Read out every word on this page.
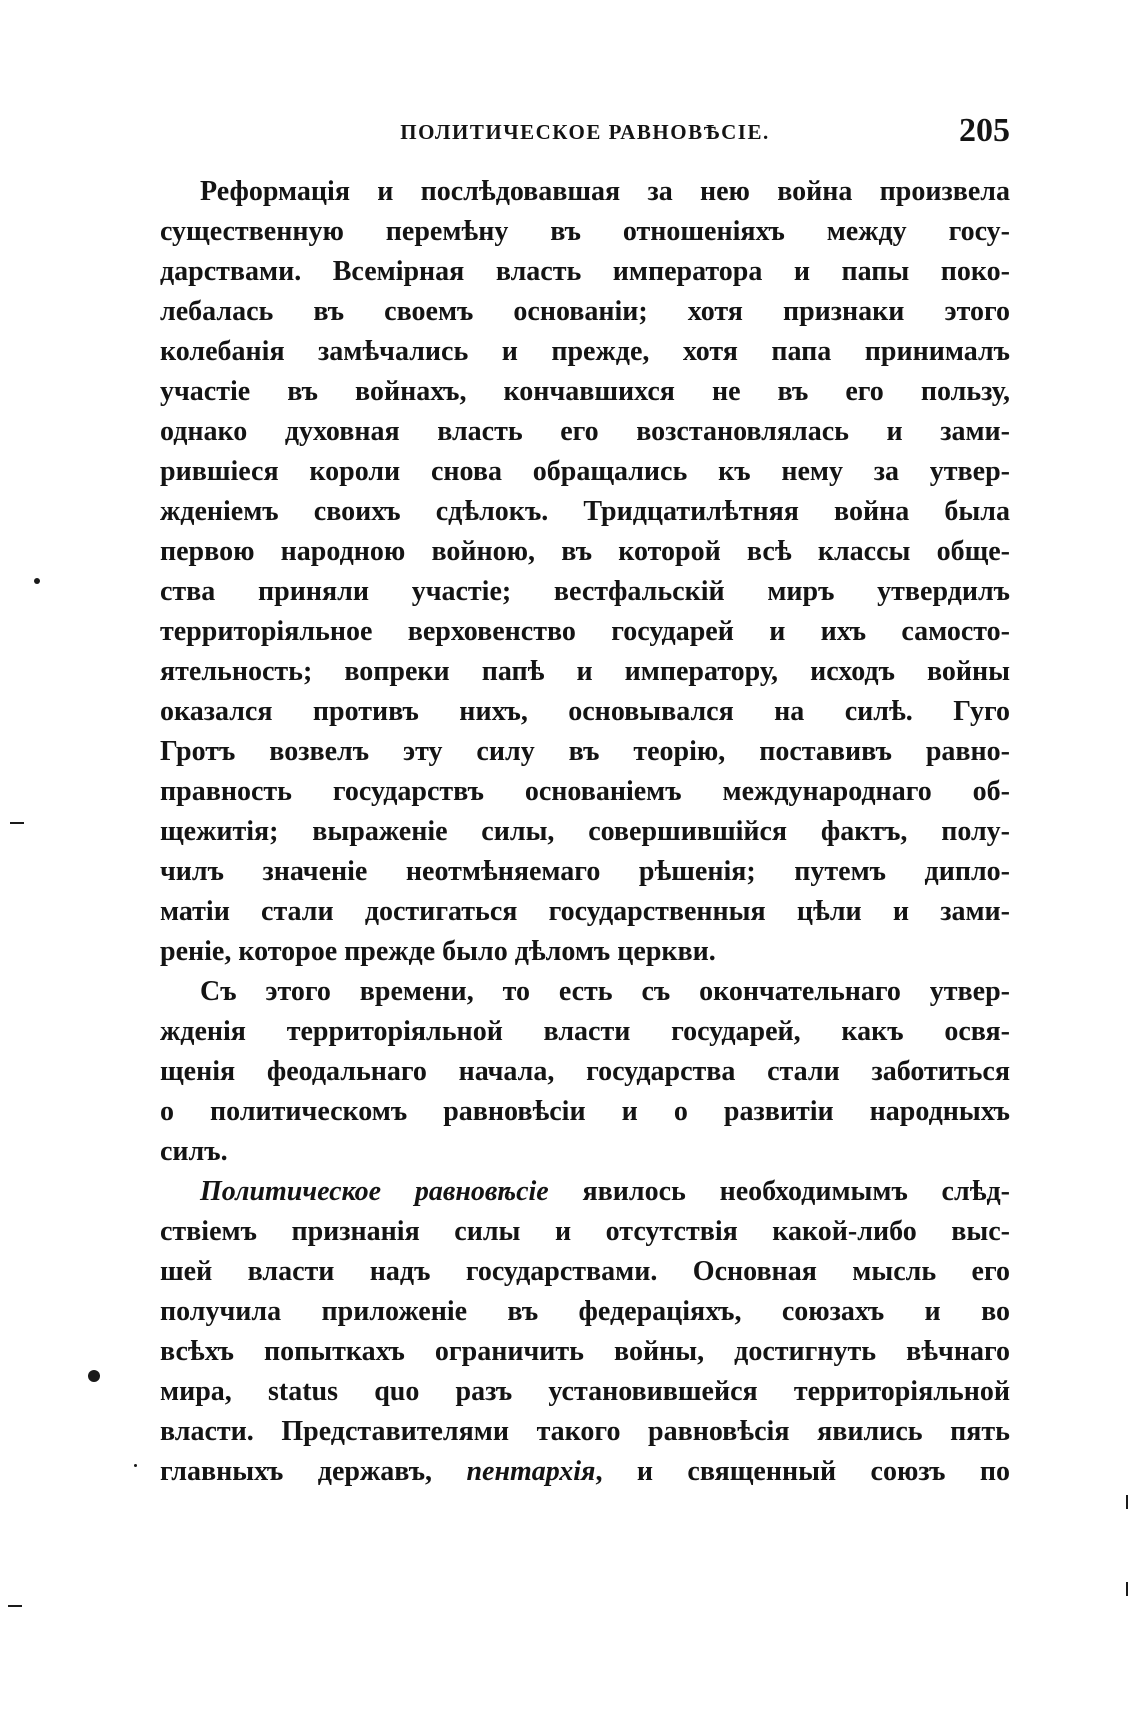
ПОЛИТИЧЕСКОЕ РАВНОВѢСІЕ.	205
Реформація и послѣдовавшая за нею война произвела
существенную перемѣну въ отношеніяхъ между госу-
дарствами. Всемірная власть императора и папы поко-
лебалась въ своемъ основаніи; хотя признаки этого
колебанія замѣчались и прежде, хотя папа принималъ
участіе въ войнахъ, кончавшихся не въ его пользу,
однако духовная власть его возстановлялась и зами-
рившіеся короли снова обращались къ нему за утвер-
жденіемъ своихъ сдѣлокъ. Тридцатилѣтняя война была
первою народною войною, въ которой всѣ классы обще-
ства приняли участіе; вестфальскій миръ утвердилъ
территоріяльное верховенство государей и ихъ самосто-
ятельность; вопреки папѣ и императору, исходъ войны
оказался противъ нихъ, основывался на силѣ. Гуго
Гротъ возвелъ эту силу въ теорію, поставивъ равно-
правность государствъ основаніемъ международнаго об-
щежитія; выраженіе силы, совершившійся фактъ, полу-
чилъ значеніе неотмѣняемаго рѣшенія; путемъ дипло-
матіи стали достигаться государственныя цѣли и зами-
реніе, которое прежде было дѣломъ церкви.
Съ этого времени, то есть съ окончательнаго утвер-
жденія территоріяльной власти государей, какъ освя-
щенія феодальнаго начала, государства стали заботиться
о политическомъ равновѣсіи и о развитіи народныхъ
силъ.
Политическое равновѣсіе явилось необходимымъ слѣд-
ствіемъ признанія силы и отсутствія какой-либо выс-
шей власти надъ государствами. Основная мысль его
получила приложеніе въ федераціяхъ, союзахъ и во
всѣхъ попыткахъ ограничить войны, достигнуть вѣчнаго
мира, status quo разъ установившейся территоріяльной
власти. Представителями такого равновѣсія явились пять
главныхъ державъ, пентархія, и священный союзъ по
